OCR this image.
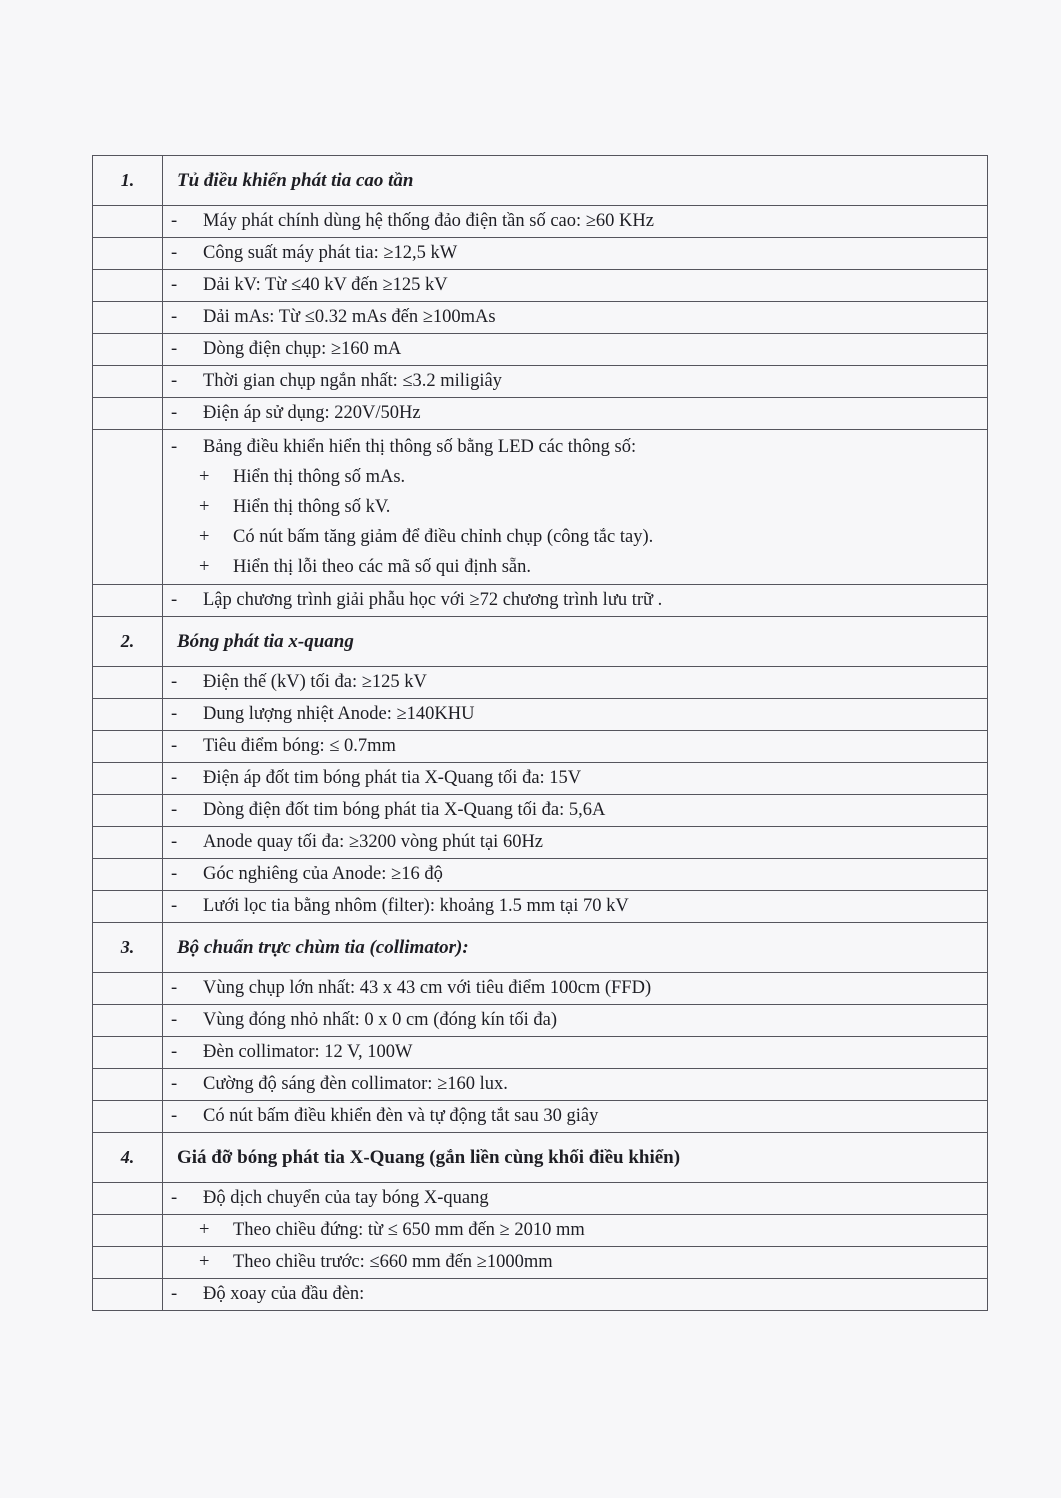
1.	Tủ điều khiển phát tia cao tần
	- Máy phát chính dùng hệ thống đảo điện tần số cao: ≥60 KHz
	- Công suất máy phát tia: ≥12,5 kW
	- Dải kV: Từ ≤40 kV đến ≥125 kV
	- Dải mAs: Từ ≤0.32 mAs đến ≥100mAs
	- Dòng điện chụp: ≥160 mA
	- Thời gian chụp ngắn nhất: ≤3.2 miligiây
	- Điện áp sử dụng: 220V/50Hz

	- Bảng điều khiển hiển thị thông số bằng LED các thông số:
+ Hiển thị thông số mAs.
+ Hiển thị thông số kV.
+ Có nút bấm tăng giảm để điều chỉnh chụp (công tắc tay).
+ Hiển thị lỗi theo các mã số qui định sẵn.

	- Lập chương trình giải phẫu học với ≥72 chương trình lưu trữ .
2.	Bóng phát tia x-quang
	- Điện thế (kV) tối đa: ≥125 kV
	- Dung lượng nhiệt Anode: ≥140KHU
	- Tiêu điểm bóng: ≤ 0.7mm
	- Điện áp đốt tim bóng phát tia X-Quang tối đa: 15V
	- Dòng điện đốt tim bóng phát tia X-Quang tối đa: 5,6A
	- Anode quay tối đa: ≥3200 vòng phút tại 60Hz
	- Góc nghiêng của Anode: ≥16 độ
	- Lưới lọc tia bằng nhôm (filter): khoảng 1.5 mm tại 70 kV
3.	Bộ chuẩn trực chùm tia (collimator):
	- Vùng chụp lớn nhất: 43 x 43 cm với tiêu điểm 100cm (FFD)
	- Vùng đóng nhỏ nhất: 0 x 0 cm (đóng kín tối đa)
	- Đèn collimator: 12 V, 100W
	- Cường độ sáng đèn collimator: ≥160 lux.
	- Có nút bấm điều khiển đèn và tự động tắt sau 30 giây
4.	Giá đỡ bóng phát tia X-Quang (gắn liền cùng khối điều khiển)
	- Độ dịch chuyển của tay bóng X-quang
	+ Theo chiều đứng: từ ≤ 650 mm đến ≥ 2010 mm
	+ Theo chiều trước: ≤660 mm đến ≥1000mm
	- Độ xoay của đầu đèn:
